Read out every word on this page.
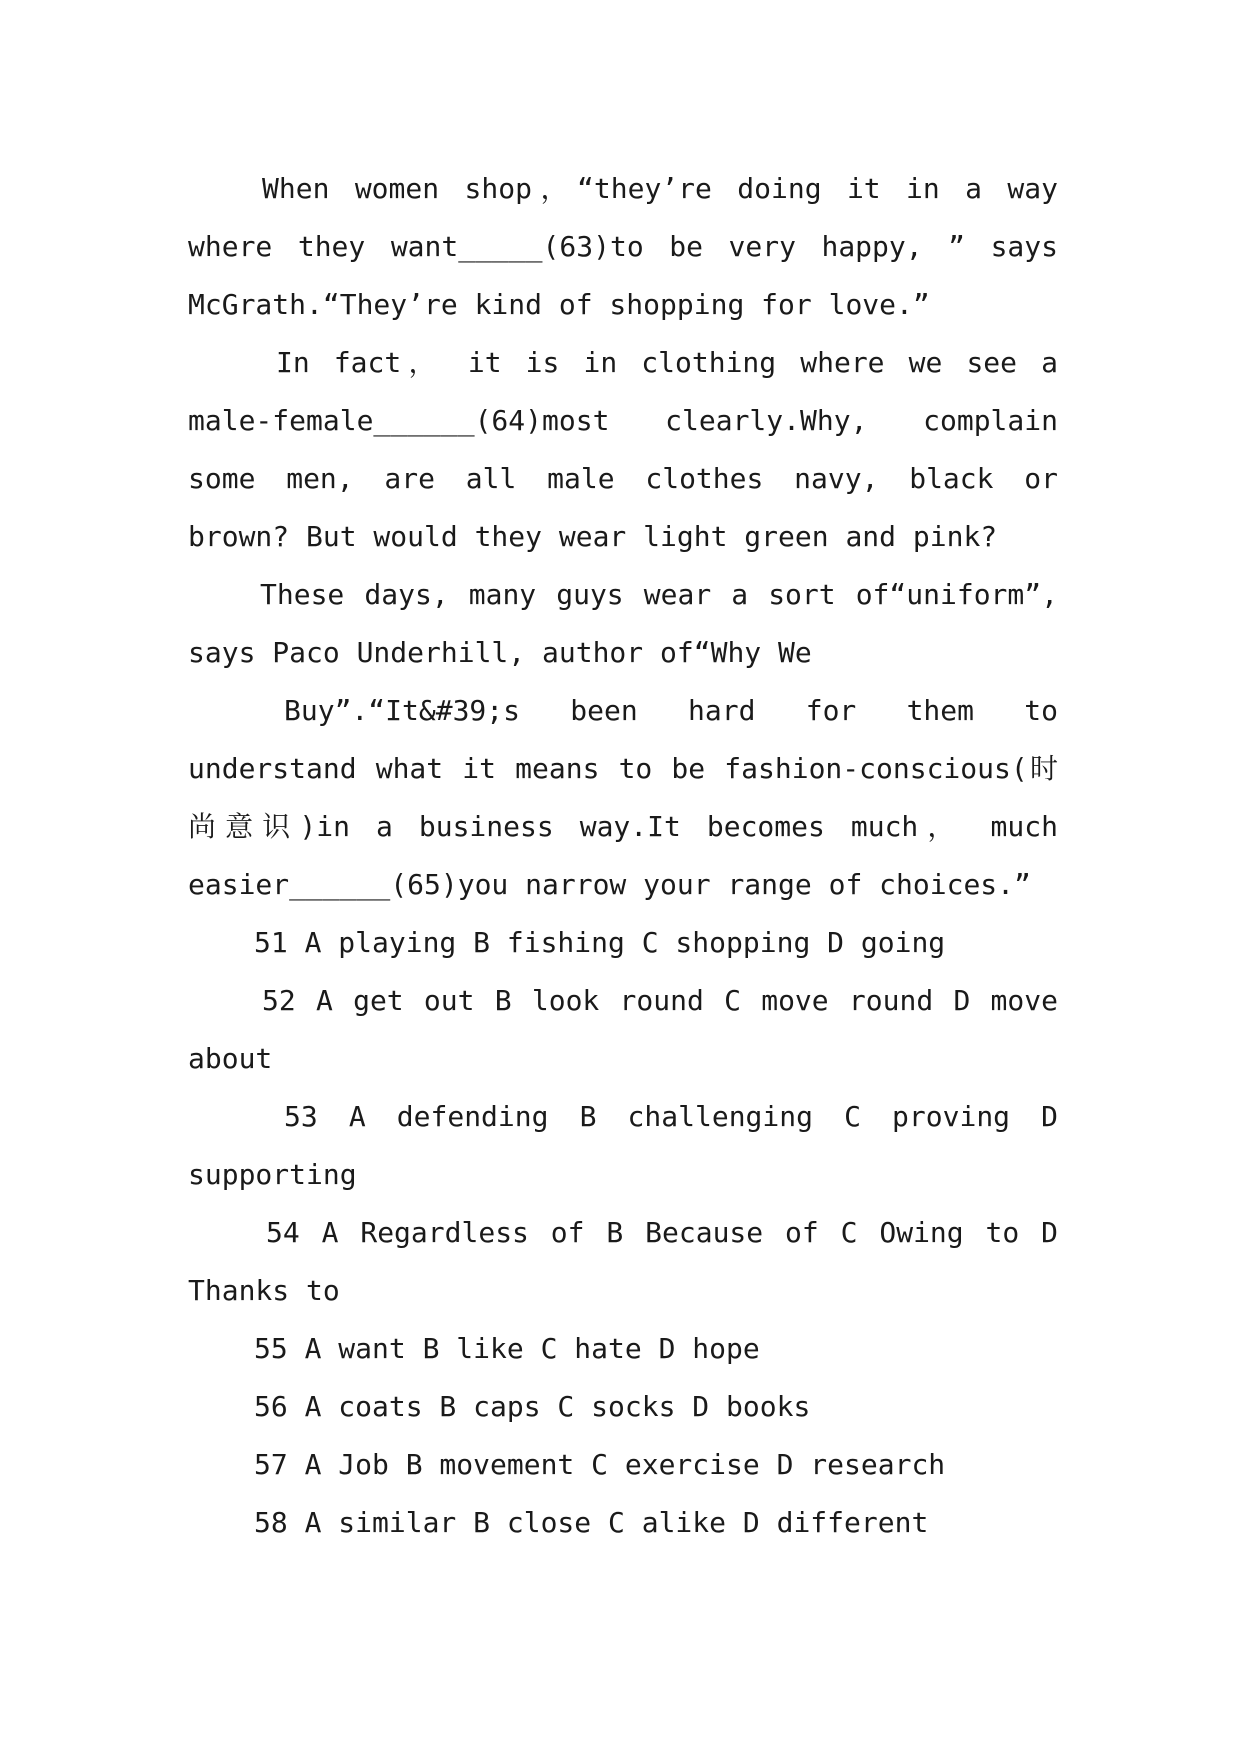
When women shop，“they’re doing it in a way where they want_____(63)to be very happy, ” says McGrath.“They’re kind of shopping for love.”

In fact， it is in clothing where we see a male-female______(64)most clearly.Why, complain some men, are all male clothes navy, black or brown? But would they wear light green and pink?

These days, many guys wear a sort of“uniform”, says Paco Underhill, author of“Why We

Buy”.“It&#39;s been hard for them to understand what it means to be fashion-conscious(时尚意识)in a business way.It becomes much， much easier______(65)you narrow your range of choices.”

51 A playing B fishing C shopping D going

52 A get out B look round C move round D move about

53 A defending B challenging C proving D supporting

54 A Regardless of B Because of C Owing to D Thanks to

55 A want B like C hate D hope

56 A coats B caps C socks D books

57 A Job B movement C exercise D research

58 A similar B close C alike D different
